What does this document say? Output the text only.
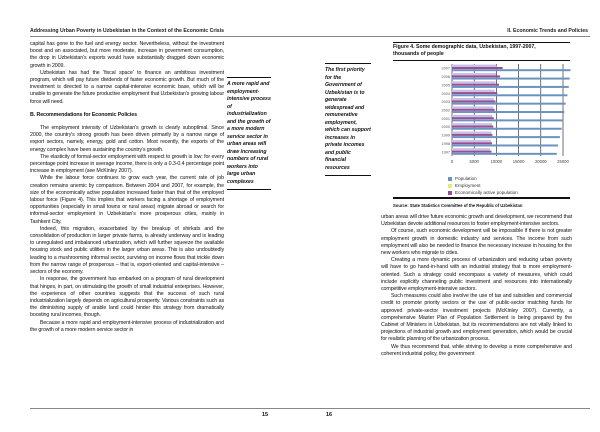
Addressing Urban Poverty in Uzbekistan in the Context of the Economic Crisis	II. Economic Trends and Policies

capital has gone to the fuel and energy sector. Nevertheless, without the investment boost and an associated, but more moderate, increase in government consumption, the drop in Uzbekistan's exports would have substantially dragged down economic growth in 2009.

Uzbekistan has had the 'fiscal space' to finance an ambitious investment program, which will pay future dividends of faster economic growth. But much of the investment is directed to a narrow capital-intensive economic base, which will be unable to generate the future productive employment that Uzbekistan's growing labour force will need.

B. Recommendations for Economic Policies

The employment intensity of Uzbekistan's growth is clearly suboptimal. Since 2000, the country's strong growth has been driven primarily by a narrow range of export sectors, namely, energy, gold and cotton. Most recently, the exports of the energy complex have been sustaining the country's growth.

The elasticity of formal-sector employment with respect to growth is low: for every percentage point increase in average income, there is only a 0.3-0.4 percentage point increase in employment (see McKinley 2007).

While the labour force continues to grow each year, the current rate of job creation remains anemic by comparison. Between 2004 and 2007, for example, the size of the economically active population increased faster than that of the employed labour force (Figure 4). This implies that workers facing a shortage of employment opportunities (especially in small towns or rural areas) migrate abroad or search for informal-sector employment in Uzbekistan's more prosperous cities, mainly in Tashkent City.

Indeed, this migration, exacerbated by the breakup of shirkats and the consolidation of production in larger private farms, is already underway and is leading to unregulated and imbalanced urbanization, which will further squeeze the available housing stock and public utilities in the larger urban areas. This is also undoubtedly leading to a mushrooming informal sector, surviving on income flows that trickle down from the narrow range of prosperous – that is, export-oriented and capital-intensive – sectors of the economy.

In response, the government has embarked on a program of rural development that hinges, in part, on stimulating the growth of small industrial enterprises. However, the experience of other countries suggests that the success of such rural industrialization largely depends on agricultural prosperity. Various constraints such as the diminishing supply of arable land could hinder this strategy from dramatically boosting rural incomes, though.

Because a more rapid and employment-intensive process of industrialization and the growth of a more modern service sector in

A more rapid and employment-intensive process of industrialization and the growth of a more modern service sector in urban areas will draw increasing numbers of rural workers into large urban complexes
The first priority for the Government of Uzbekistan is to generate widespread and remunerative employment, which can support increases in private incomes and public financial resources
Figure 4. Some demographic data, Uzbekistan, 1997-2007, thousands of people
0	5000	10000	15000	20000	25000
2007
2006
2005
2004
2003
2002
2001
2000
1999
1998
1997
Population
Employment
Economically active population
Source: State Statistics Committee of the Republic of Uzbekistan

urban areas will drive future economic growth and development, we recommend that Uzbekistan devote additional resources to foster employment-intensive sectors.

Of course, such economic development will be impossible if there is not greater employment growth in domestic industry and services. The income from such employment will also be needed to finance the necessary increase in housing for the new workers who migrate to cities.

Creating a more dynamic process of urbanization and reducing urban poverty will have to go hand-in-hand with an industrial strategy that is more employment-oriented. Such a strategy could encompass a variety of measures, which could include explicitly channeling public investment and resources into internationally competitive employment-intensive sectors.

Such measures could also involve the use of tax and subsidies and commercial credit to promote priority sectors or the use of public-sector matching funds for approved private-sector investment projects (McKinley 2007). Currently, a comprehensive Master Plan of Population Settlement is being prepared by the Cabinet of Ministers in Uzbekistan, but its recommendations are not vitally linked to projections of industrial growth and employment generation, which would be crucial for realistic planning of the urbanization process.

We thus recommend that, while striving to develop a more comprehensive and coherent industrial policy, the government

15	16
